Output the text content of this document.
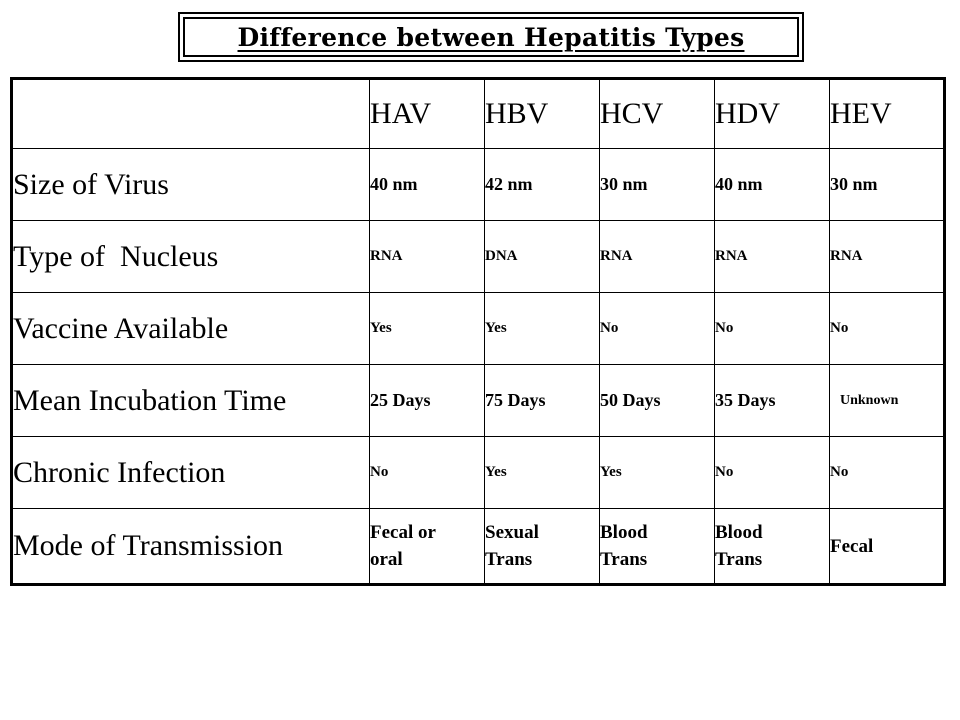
Difference between Hepatitis Types
	HAV	HBV	HCV	HDV	HEV
Size of Virus	40 nm	42 nm	30 nm	40 nm	30 nm
Type of  Nucleus	RNA	DNA	RNA	RNA	RNA
Vaccine Available	Yes	Yes	No	No	No
Mean Incubation Time	25 Days	75 Days	50 Days	35 Days	Unknown
Chronic Infection	No	Yes	Yes	No	No
Mode of Transmission	Fecal or oral	Sexual Trans	Blood Trans	Blood Trans	Fecal
